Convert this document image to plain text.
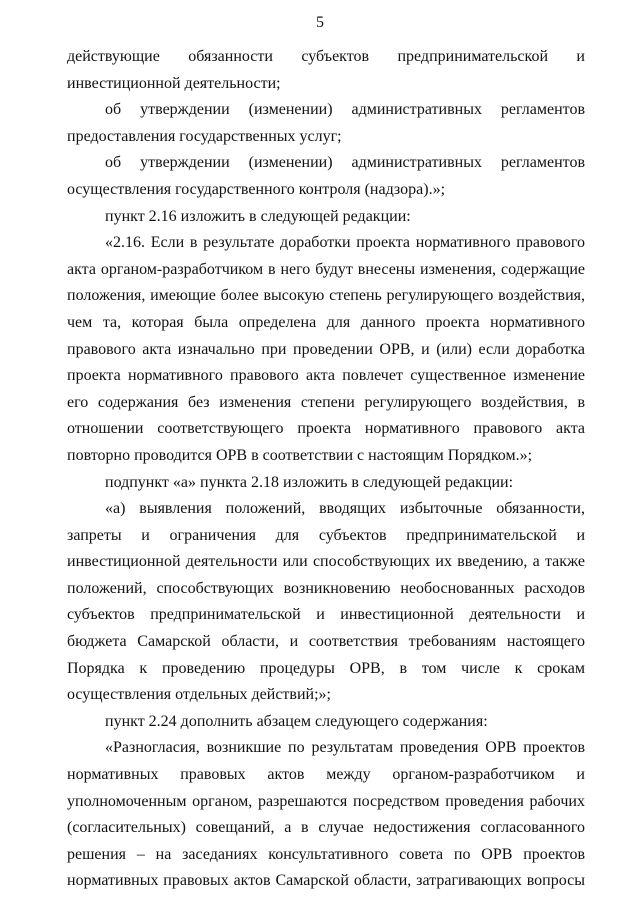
5

действующие обязанности субъектов предпринимательской и инвестиционной деятельности;

об утверждении (изменении) административных регламентов предоставления государственных услуг;

об утверждении (изменении) административных регламентов осуществления государственного контроля (надзора).»;

пункт 2.16 изложить в следующей редакции:

«2.16. Если в результате доработки проекта нормативного правового акта органом-разработчиком в него будут внесены изменения, содержащие положения, имеющие более высокую степень регулирующего воздействия, чем та, которая была определена для данного проекта нормативного правового акта изначально при проведении ОРВ, и (или) если доработка проекта нормативного правового акта повлечет существенное изменение его содержания без изменения степени регулирующего воздействия, в отношении соответствующего проекта нормативного правового акта повторно проводится ОРВ в соответствии с настоящим Порядком.»;

подпункт «а» пункта 2.18 изложить в следующей редакции:

«а) выявления положений, вводящих избыточные обязанности, запреты и ограничения для субъектов предпринимательской и инвестиционной деятельности или способствующих их введению, а также положений, способствующих возникновению необоснованных расходов субъектов предпринимательской и инвестиционной деятельности и бюджета Самарской области, и соответствия требованиям настоящего Порядка к проведению процедуры ОРВ, в том числе к срокам осуществления отдельных действий;»;

пункт 2.24 дополнить абзацем следующего содержания:

«Разногласия, возникшие по результатам проведения ОРВ проектов нормативных правовых актов между органом-разработчиком и уполномоченным органом, разрешаются посредством проведения рабочих (согласительных) совещаний, а в случае недостижения согласованного решения – на заседаниях консультативного совета по ОРВ проектов нормативных правовых актов Самарской области, затрагивающих вопросы
